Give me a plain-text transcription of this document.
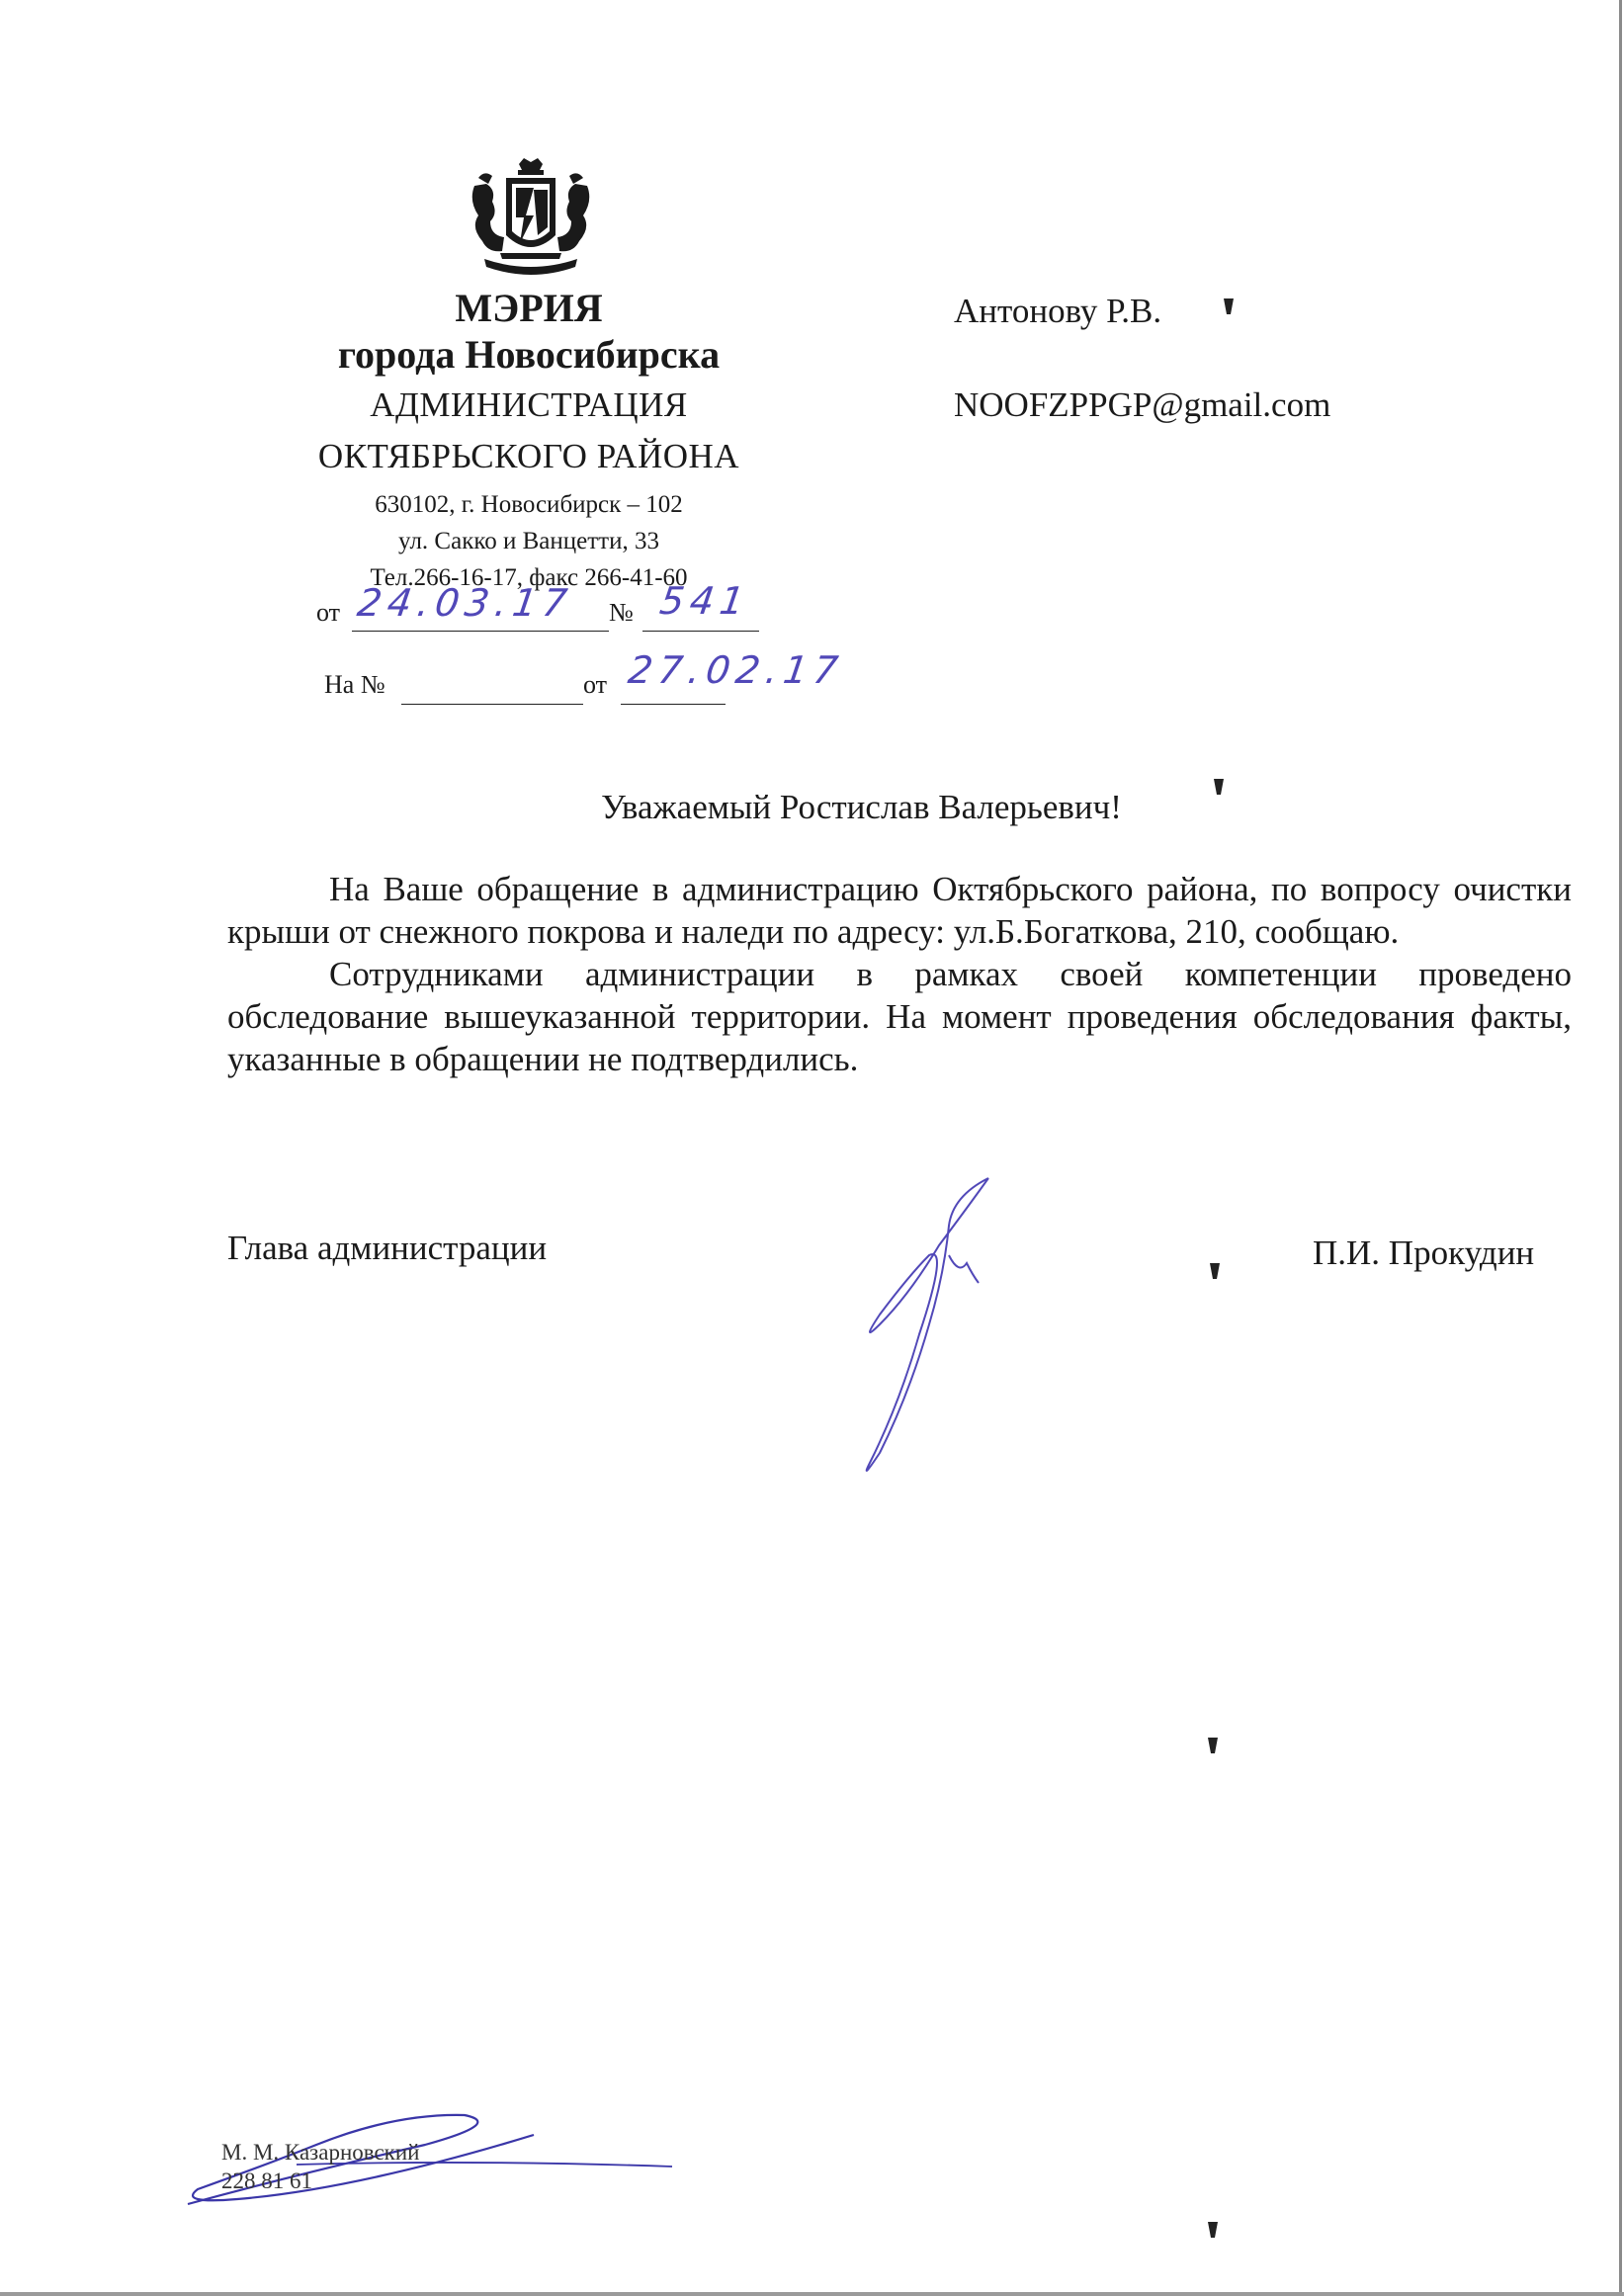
МЭРИЯ
города Новосибирска
АДМИНИСТРАЦИЯ
ОКТЯБРЬСКОГО РАЙОНА
630102, г. Новосибирск – 102
ул. Сакко и Ванцетти, 33
Тел.266-16-17, факс 266-41-60
от 24.03.17 № 541
На №	от 27.02.17
Антонову Р.В.
NOOFZPPGP@gmail.com
Уважаемый Ростислав Валерьевич!

На Ваше обращение в администрацию Октябрьского района, по вопросу очистки крыши от снежного покрова и наледи по адресу: ул.Б.Богаткова, 210, сообщаю.

Сотрудниками администрации в рамках своей компетенции проведено обследование вышеуказанной территории. На момент проведения обследования факты, указанные в обращении не подтвердились.

Глава администрации	П.И. Прокудин
М. М. Казарновский
228 81 61
